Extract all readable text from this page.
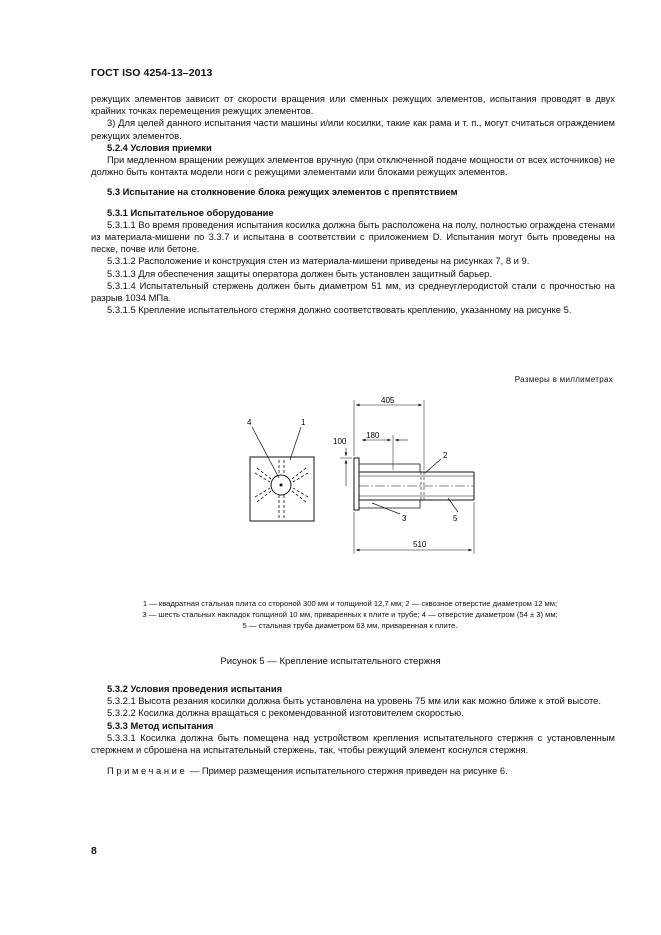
ГОСТ ISO 4254-13–2013

режущих элементов зависит от скорости вращения или сменных режущих элементов, испытания проводят в двух крайних точках перемещения режущих элементов.

3) Для целей данного испытания части машины и/или косилки, такие как рама и т. п., могут считаться ограждением режущих элементов.

5.2.4 Условия приемки

При медленном вращении режущих элементов вручную (при отключенной подаче мощности от всех источников) не должно быть контакта модели ноги с режущими элементами или блоками режущих элементов.

5.3 Испытание на столкновение блока режущих элементов с препятствием

5.3.1 Испытательное оборудование

5.3.1.1 Во время проведения испытания косилка должна быть расположена на полу, полностью ограждена стенами из материала-мишени по 3.3.7 и испытана в соответствии с приложением D. Испытания могут быть проведены на песке, почве или бетоне.

5.3.1.2 Расположение и конструкция стен из материала-мишени приведены на рисунках 7, 8 и 9.

5.3.1.3 Для обеспечения защиты оператора должен быть установлен защитный барьер.

5.3.1.4 Испытательный стержень должен быть диаметром 51 мм, из среднеуглеродистой стали с прочностью на разрыв 1034 МПа.

5.3.1.5 Крепление испытательного стержня должно соответствовать креплению, указанному на рисунке 5.

Размеры в миллиметрах
4	1
405
180
100
510
2
3	5

1 — квадратная стальная плита со стороной 300 мм и толщиной 12,7 мм; 2 — сквозное отверстие диаметром 12 мм;

3 — шесть стальных накладок толщиной 10 мм, приваренных к плите и трубе; 4 — отверстие диаметром (54 ± 3) мм;

5 — стальная труба диаметром 63 мм, приваренная к плите.

Рисунок 5 — Крепление испытательного стержня

5.3.2 Условия проведения испытания

5.3.2.1 Высота резания косилки должна быть установлена на уровень 75 мм или как можно ближе к этой высоте.

5.3.2.2 Косилка должна вращаться с рекомендованной изготовителем скоростью.

5.3.3 Метод испытания

5.3.3.1 Косилка должна быть помещена над устройством крепления испытательного стержня с установленным стержнем и сброшена на испытательный стержень, так, чтобы режущий элемент коснулся стержня.

Примечание — Пример размещения испытательного стержня приведен на рисунке 6.

8
